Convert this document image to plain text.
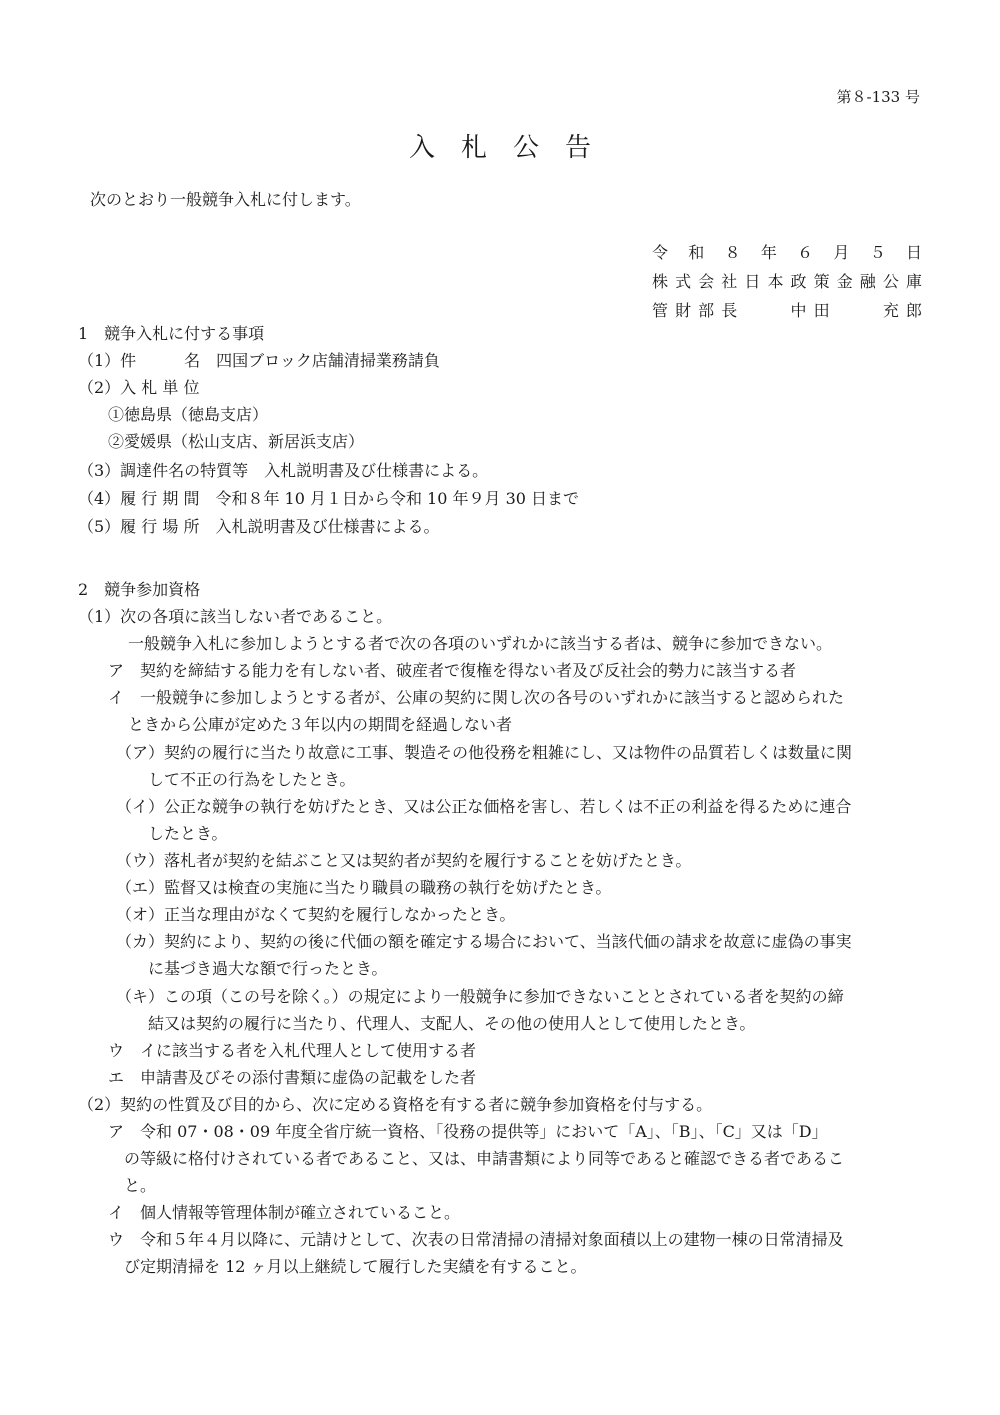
第８-133 号
入札公告
次のとおり一般競争入札に付します。
令　和　８　年　６　月　５　日
株式会社日本政策金融公庫
管財部長　　中田　　充郎
1　競争入札に付する事項
（1）件　　　名　四国ブロック店舗清掃業務請負
（2）入 札 単 位
①徳島県（徳島支店）
②愛媛県（松山支店、新居浜支店）
（3）調達件名の特質等　入札説明書及び仕様書による。
（4）履 行 期 間　令和８年 10 月１日から令和 10 年９月 30 日まで
（5）履 行 場 所　入札説明書及び仕様書による。
2　競争参加資格
（1）次の各項に該当しない者であること。
一般競争入札に参加しようとする者で次の各項のいずれかに該当する者は、競争に参加できない。
ア　契約を締結する能力を有しない者、破産者で復権を得ない者及び反社会的勢力に該当する者
イ　一般競争に参加しようとする者が、公庫の契約に関し次の各号のいずれかに該当すると認められた
ときから公庫が定めた３年以内の期間を経過しない者
（ア）契約の履行に当たり故意に工事、製造その他役務を粗雑にし、又は物件の品質若しくは数量に関
して不正の行為をしたとき。
（イ）公正な競争の執行を妨げたとき、又は公正な価格を害し、若しくは不正の利益を得るために連合
したとき。
（ウ）落札者が契約を結ぶこと又は契約者が契約を履行することを妨げたとき。
（エ）監督又は検査の実施に当たり職員の職務の執行を妨げたとき。
（オ）正当な理由がなくて契約を履行しなかったとき。
（カ）契約により、契約の後に代価の額を確定する場合において、当該代価の請求を故意に虚偽の事実
に基づき過大な額で行ったとき。
（キ）この項（この号を除く。）の規定により一般競争に参加できないこととされている者を契約の締
結又は契約の履行に当たり、代理人、支配人、その他の使用人として使用したとき。
ウ　イに該当する者を入札代理人として使用する者
エ　申請書及びその添付書類に虚偽の記載をした者
（2）契約の性質及び目的から、次に定める資格を有する者に競争参加資格を付与する。
ア　令和 07・08・09 年度全省庁統一資格、「役務の提供等」において「A」、「B」、「C」又は「D」
の等級に格付けされている者であること、又は、申請書類により同等であると確認できる者であるこ
と。
イ　個人情報等管理体制が確立されていること。
ウ　令和５年４月以降に、元請けとして、次表の日常清掃の清掃対象面積以上の建物一棟の日常清掃及
び定期清掃を 12 ヶ月以上継続して履行した実績を有すること。
